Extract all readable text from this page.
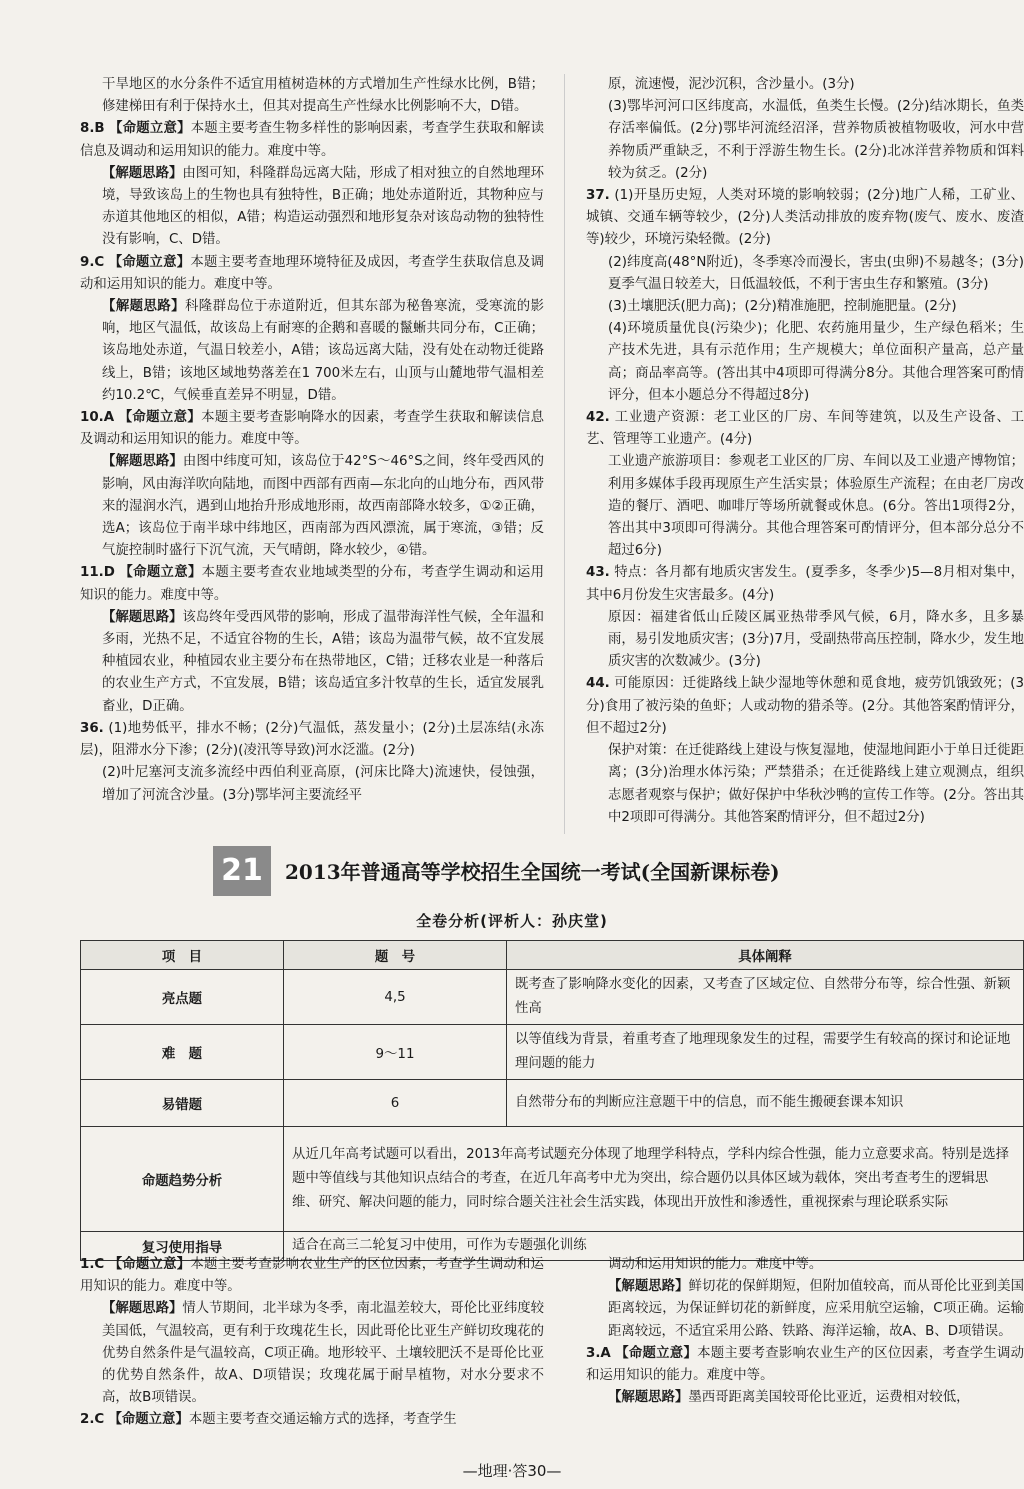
干旱地区的水分条件不适宜用植树造林的方式增加生产性绿水比例，B错；修建梯田有利于保持水土，但其对提高生产性绿水比例影响不大，D错。

8.B 【命题立意】本题主要考查生物多样性的影响因素，考查学生获取和解读信息及调动和运用知识的能力。难度中等。

【解题思路】由图可知，科隆群岛远离大陆，形成了相对独立的自然地理环境，导致该岛上的生物也具有独特性，B正确；地处赤道附近，其物种应与赤道其他地区的相似，A错；构造运动强烈和地形复杂对该岛动物的独特性没有影响，C、D错。

9.C 【命题立意】本题主要考查地理环境特征及成因，考查学生获取信息及调动和运用知识的能力。难度中等。

【解题思路】科隆群岛位于赤道附近，但其东部为秘鲁寒流，受寒流的影响，地区气温低，故该岛上有耐寒的企鹅和喜暖的鬣蜥共同分布，C正确；该岛地处赤道，气温日较差小，A错；该岛远离大陆，没有处在动物迁徙路线上，B错；该地区域地势落差在1 700米左右，山顶与山麓地带气温相差约10.2℃，气候垂直差异不明显，D错。

10.A 【命题立意】本题主要考查影响降水的因素，考查学生获取和解读信息及调动和运用知识的能力。难度中等。

【解题思路】由图中纬度可知，该岛位于42°S～46°S之间，终年受西风的影响，风由海洋吹向陆地，而图中西部有西南—东北向的山地分布，西风带来的湿润水汽，遇到山地抬升形成地形雨，故西南部降水较多，①②正确，选A；该岛位于南半球中纬地区，西南部为西风漂流，属于寒流，③错；反气旋控制时盛行下沉气流，天气晴朗，降水较少，④错。

11.D 【命题立意】本题主要考查农业地域类型的分布，考查学生调动和运用知识的能力。难度中等。

【解题思路】该岛终年受西风带的影响，形成了温带海洋性气候，全年温和多雨，光热不足，不适宜谷物的生长，A错；该岛为温带气候，故不宜发展种植园农业，种植园农业主要分布在热带地区，C错；迁移农业是一种落后的农业生产方式，不宜发展，B错；该岛适宜多汁牧草的生长，适宜发展乳畜业，D正确。

36. (1)地势低平，排水不畅；(2分)气温低，蒸发量小；(2分)土层冻结(永冻层)，阻滞水分下渗；(2分)(凌汛等导致)河水泛滥。(2分)

(2)叶尼塞河支流多流经中西伯利亚高原，(河床比降大)流速快，侵蚀强，增加了河流含沙量。(3分)鄂毕河主要流经平

原，流速慢，泥沙沉积，含沙量小。(3分)

(3)鄂毕河河口区纬度高，水温低，鱼类生长慢。(2分)结冰期长，鱼类存活率偏低。(2分)鄂毕河流经沼泽，营养物质被植物吸收，河水中营养物质严重缺乏，不利于浮游生物生长。(2分)北冰洋营养物质和饵料较为贫乏。(2分)

37. (1)开垦历史短，人类对环境的影响较弱；(2分)地广人稀，工矿业、城镇、交通车辆等较少，(2分)人类活动排放的废弃物(废气、废水、废渣等)较少，环境污染轻微。(2分)

(2)纬度高(48°N附近)，冬季寒冷而漫长，害虫(虫卵)不易越冬；(3分)夏季气温日较差大，日低温较低，不利于害虫生存和繁殖。(3分)

(3)土壤肥沃(肥力高)；(2分)精准施肥，控制施肥量。(2分)

(4)环境质量优良(污染少)；化肥、农药施用量少，生产绿色稻米；生产技术先进，具有示范作用；生产规模大；单位面积产量高，总产量高；商品率高等。(答出其中4项即可得满分8分。其他合理答案可酌情评分，但本小题总分不得超过8分)

42. 工业遗产资源：老工业区的厂房、车间等建筑，以及生产设备、工艺、管理等工业遗产。(4分)

工业遗产旅游项目：参观老工业区的厂房、车间以及工业遗产博物馆；利用多媒体手段再现原生产生活实景；体验原生产流程；在由老厂房改造的餐厅、酒吧、咖啡厅等场所就餐或休息。(6分。答出1项得2分，答出其中3项即可得满分。其他合理答案可酌情评分，但本部分总分不超过6分)

43. 特点：各月都有地质灾害发生。(夏季多，冬季少)5—8月相对集中，其中6月份发生灾害最多。(4分)

原因：福建省低山丘陵区属亚热带季风气候，6月，降水多，且多暴雨，易引发地质灾害；(3分)7月，受副热带高压控制，降水少，发生地质灾害的次数减少。(3分)

44. 可能原因：迁徙路线上缺少湿地等休憩和觅食地，疲劳饥饿致死；(3分)食用了被污染的鱼虾；人或动物的猎杀等。(2分。其他答案酌情评分，但不超过2分)

保护对策：在迁徙路线上建设与恢复湿地，使湿地间距小于单日迁徙距离；(3分)治理水体污染；严禁猎杀；在迁徙路线上建立观测点，组织志愿者观察与保护；做好保护中华秋沙鸭的宣传工作等。(2分。答出其中2项即可得满分。其他答案酌情评分，但不超过2分)

21	2013年普通高等学校招生全国统一考试(全国新课标卷)
全卷分析(评析人：孙庆堂)
项　目	题　号	具体阐释
亮点题	4,5	既考查了影响降水变化的因素，又考查了区域定位、自然带分布等，综合性强、新颖性高
难　题	9～11	以等值线为背景，着重考查了地理现象发生的过程，需要学生有较高的探讨和论证地理问题的能力
易错题	6	自然带分布的判断应注意题干中的信息，而不能生搬硬套课本知识
命题趋势分析	从近几年高考试题可以看出，2013年高考试题充分体现了地理学科特点，学科内综合性强，能力立意要求高。特别是选择题中等值线与其他知识点结合的考查，在近几年高考中尤为突出，综合题仍以具体区域为载体，突出考查考生的逻辑思维、研究、解决问题的能力，同时综合题关注社会生活实践，体现出开放性和渗透性，重视探索与理论联系实际	
复习使用指导	适合在高三二轮复习中使用，可作为专题强化训练	

1.C 【命题立意】本题主要考查影响农业生产的区位因素，考查学生调动和运用知识的能力。难度中等。

【解题思路】情人节期间，北半球为冬季，南北温差较大，哥伦比亚纬度较美国低，气温较高，更有利于玫瑰花生长，因此哥伦比亚生产鲜切玫瑰花的优势自然条件是气温较高，C项正确。地形较平、土壤较肥沃不是哥伦比亚的优势自然条件，故A、D项错误；玫瑰花属于耐旱植物，对水分要求不高，故B项错误。

2.C 【命题立意】本题主要考查交通运输方式的选择，考查学生

调动和运用知识的能力。难度中等。

【解题思路】鲜切花的保鲜期短，但附加值较高，而从哥伦比亚到美国距离较远，为保证鲜切花的新鲜度，应采用航空运输，C项正确。运输距离较远，不适宜采用公路、铁路、海洋运输，故A、B、D项错误。

3.A 【命题立意】本题主要考查影响农业生产的区位因素，考查学生调动和运用知识的能力。难度中等。

【解题思路】墨西哥距离美国较哥伦比亚近，运费相对较低，

—地理·答30—
